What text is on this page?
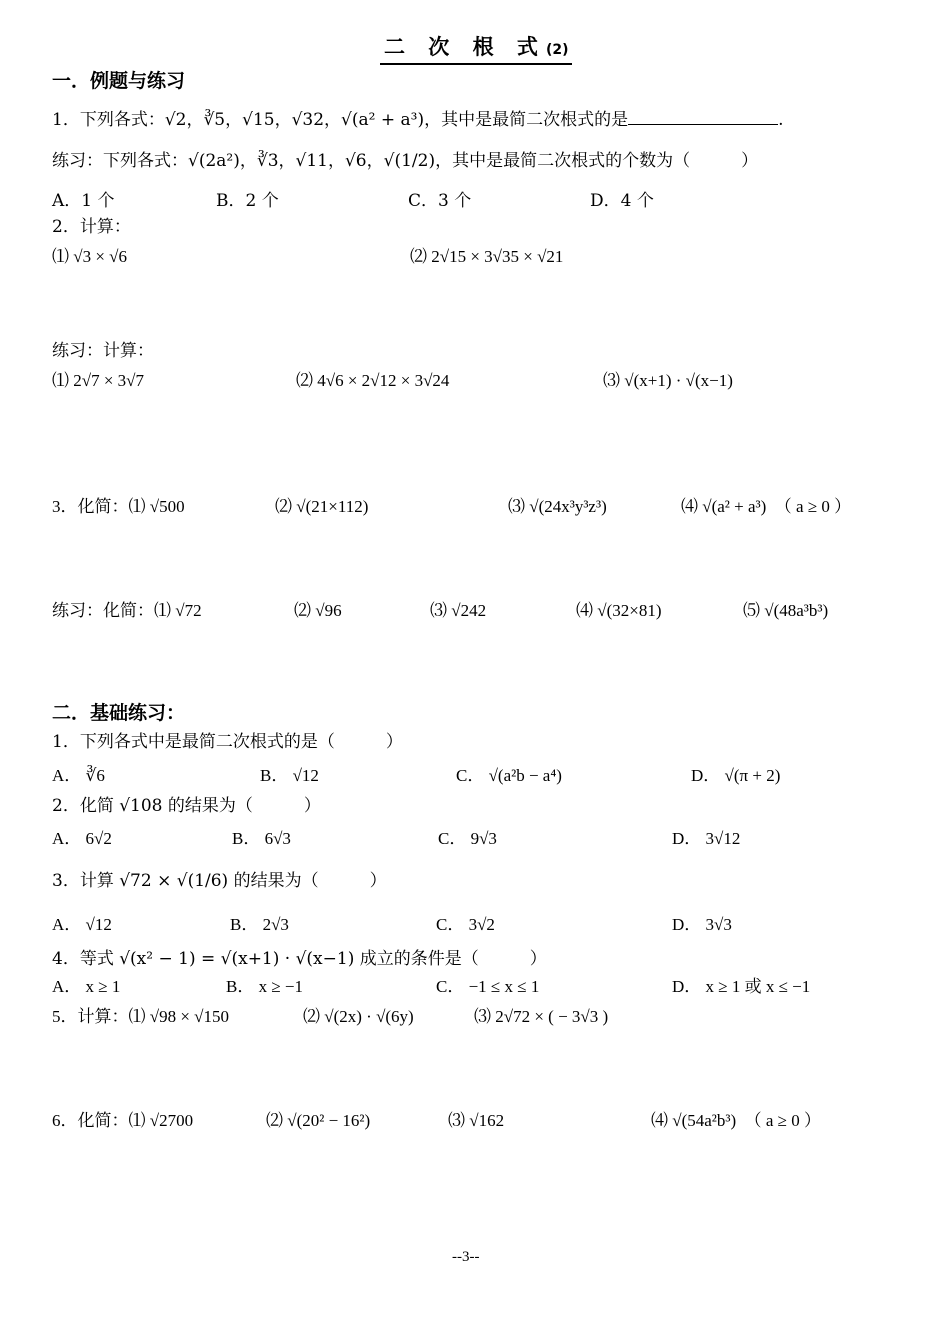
二 次 根 式(2)
一．例题与练习
1．下列各式：√2，∛5，√15，√32，√(a² + a³)，其中是最简二次根式的是	.
练习：下列各式：√(2a²)，∛3，√11，√6，√(1/2)，其中是最简二次根式的个数为（　　　）
A．1 个	B．2 个	C．3 个	D．4 个
2．计算：
⑴ √3 × √6	⑵ 2√15 × 3√35 × √21
练习：计算：
⑴ 2√7 × 3√7	⑵ 4√6 × 2√12 × 3√24	⑶ √(x+1) · √(x−1)
3．化简：⑴ √500	⑵ √(21×112)	⑶ √(24x³y³z³)	⑷ √(a² + a³)　（ a ≥ 0 ）
练习：化简：⑴ √72	⑵ √96	⑶ √242	⑷ √(32×81)	⑸ √(48a³b³)
二．基础练习：
1．下列各式中是最简二次根式的是（　　　）
A． ∛6	B． √12	C． √(a²b − a⁴)	D． √(π + 2)
2．化简 √108 的结果为（　　　）
A． 6√2	B． 6√3	C． 9√3	D． 3√12
3．计算 √72 × √(1/6) 的结果为（　　　）
A． √12	B． 2√3	C． 3√2	D． 3√3
4．等式 √(x² − 1) = √(x+1) · √(x−1) 成立的条件是（　　　）
A． x ≥ 1	B． x ≥ −1	C． −1 ≤ x ≤ 1	D． x ≥ 1 或 x ≤ −1
5．计算：⑴ √98 × √150	⑵ √(2x) · √(6y)	⑶ 2√72 × ( − 3√3 )
6．化简：⑴ √2700	⑵ √(20² − 16²)	⑶ √162	⑷ √(54a²b³)　（ a ≥ 0 ）
--3--
